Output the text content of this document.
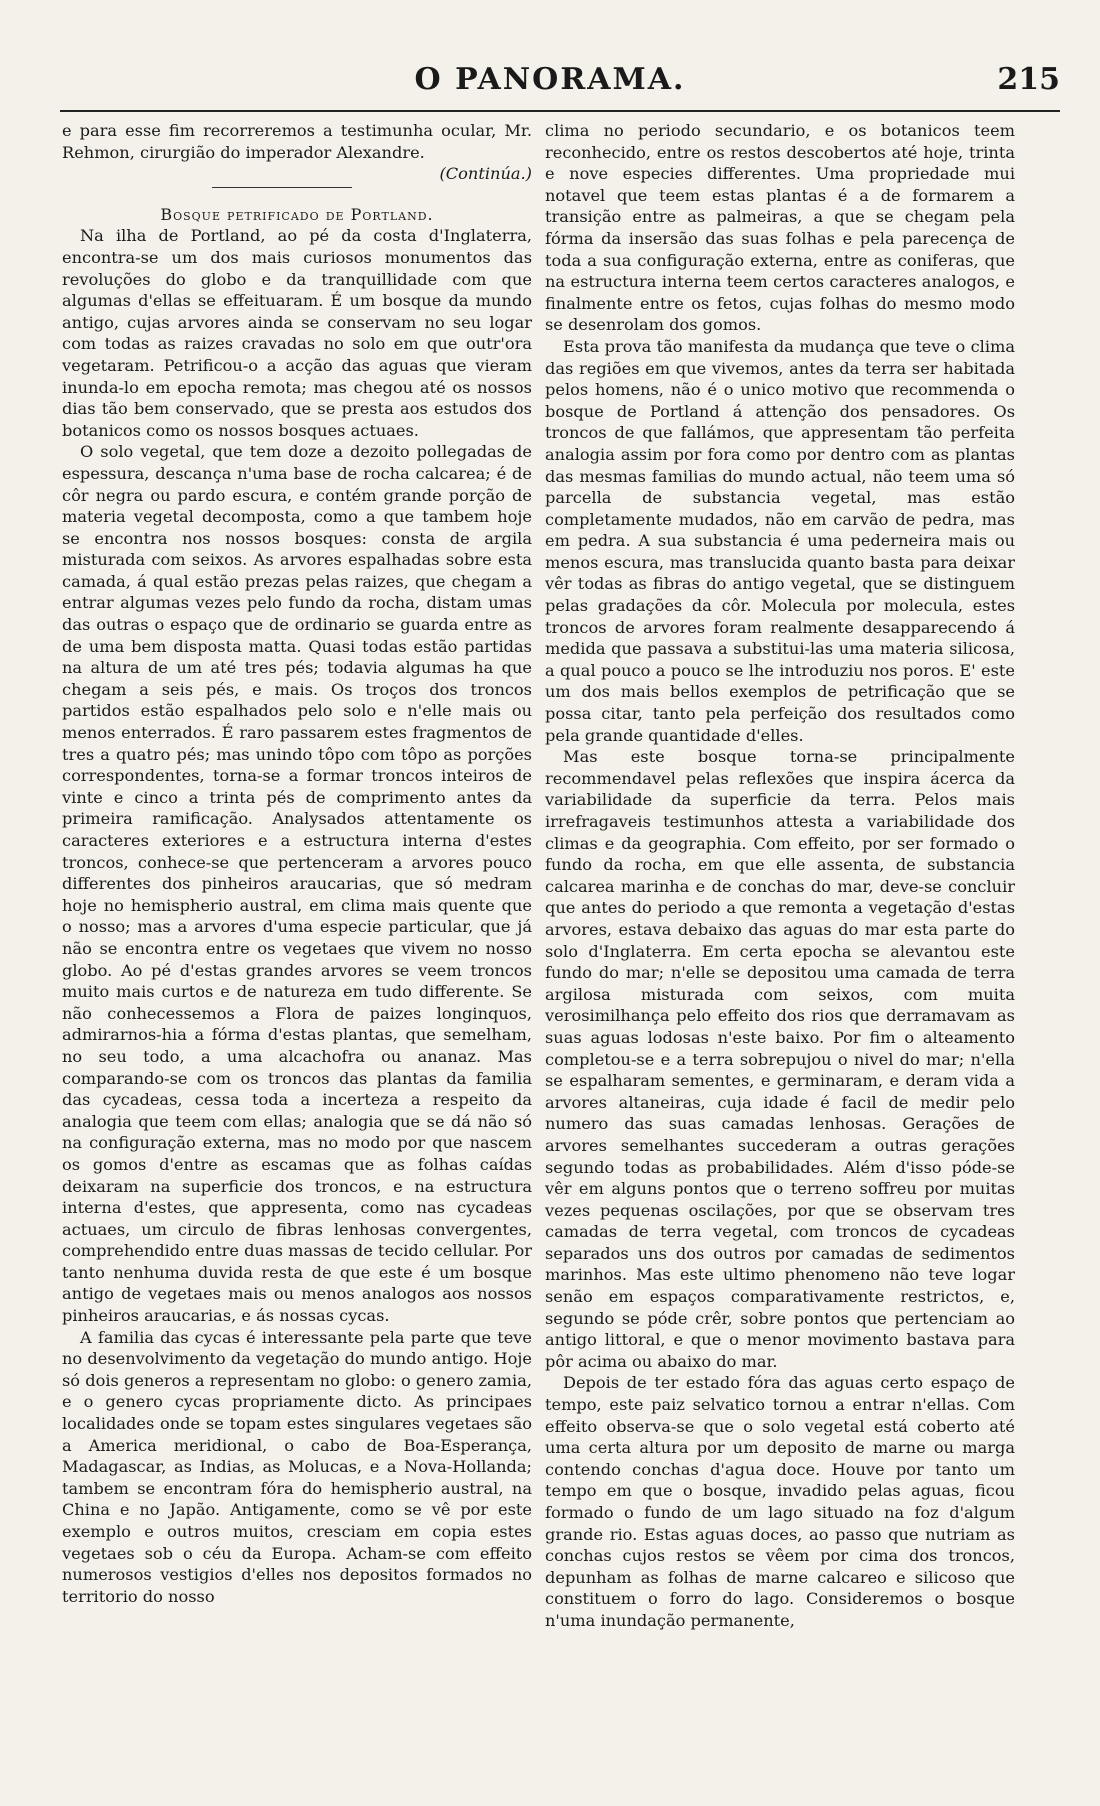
O PANORAMA.	215

e para esse fim recorreremos a testimunha ocular, Mr. Rehmon, cirurgião do imperador Alexandre.

(Continúa.)

Bosque petrificado de Portland.

Na ilha de Portland, ao pé da costa d'Inglaterra, encontra-se um dos mais curiosos monumentos das revoluções do globo e da tranquillidade com que algumas d'ellas se effeituaram. É um bosque da mundo antigo, cujas arvores ainda se conservam no seu logar com todas as raizes cravadas no solo em que outr'ora vegetaram. Petrificou-o a acção das aguas que vieram inunda-lo em epocha remota; mas chegou até os nossos dias tão bem conservado, que se presta aos estudos dos botanicos como os nossos bosques actuaes.

O solo vegetal, que tem doze a dezoito pollegadas de espessura, descança n'uma base de rocha calcarea; é de côr negra ou pardo escura, e contém grande porção de materia vegetal decomposta, como a que tambem hoje se encontra nos nossos bosques: consta de argila misturada com seixos. As arvores espalhadas sobre esta camada, á qual estão prezas pelas raizes, que chegam a entrar algumas vezes pelo fundo da rocha, distam umas das outras o espaço que de ordinario se guarda entre as de uma bem disposta matta. Quasi todas estão partidas na altura de um até tres pés; todavia algumas ha que chegam a seis pés, e mais. Os troços dos troncos partidos estão espalhados pelo solo e n'elle mais ou menos enterrados. É raro passarem estes fragmentos de tres a quatro pés; mas unindo tôpo com tôpo as porções correspondentes, torna-se a formar troncos inteiros de vinte e cinco a trinta pés de comprimento antes da primeira ramificação. Analysados attentamente os caracteres exteriores e a estructura interna d'estes troncos, conhece-se que pertenceram a arvores pouco differentes dos pinheiros araucarias, que só medram hoje no hemispherio austral, em clima mais quente que o nosso; mas a arvores d'uma especie particular, que já não se encontra entre os vegetaes que vivem no nosso globo. Ao pé d'estas grandes arvores se veem troncos muito mais curtos e de natureza em tudo differente. Se não conhecessemos a Flora de paizes longinquos, admirarnos-hia a fórma d'estas plantas, que semelham, no seu todo, a uma alcachofra ou ananaz. Mas comparando-se com os troncos das plantas da familia das cycadeas, cessa toda a incerteza a respeito da analogia que teem com ellas; analogia que se dá não só na configuração externa, mas no modo por que nascem os gomos d'entre as escamas que as folhas caídas deixaram na superficie dos troncos, e na estructura interna d'estes, que appresenta, como nas cycadeas actuaes, um circulo de fibras lenhosas convergentes, comprehendido entre duas massas de tecido cellular. Por tanto nenhuma duvida resta de que este é um bosque antigo de vegetaes mais ou menos analogos aos nossos pinheiros araucarias, e ás nossas cycas.

A familia das cycas é interessante pela parte que teve no desenvolvimento da vegetação do mundo antigo. Hoje só dois generos a representam no globo: o genero zamia, e o genero cycas propriamente dicto. As principaes localidades onde se topam estes singulares vegetaes são a America meridional, o cabo de Boa-Esperança, Madagascar, as Indias, as Molucas, e a Nova-Hollanda; tambem se encontram fóra do hemispherio austral, na China e no Japão. Antigamente, como se vê por este exemplo e outros muitos, cresciam em copia estes vegetaes sob o céu da Europa. Acham-se com effeito numerosos vestigios d'elles nos depositos formados no territorio do nosso

clima no periodo secundario, e os botanicos teem reconhecido, entre os restos descobertos até hoje, trinta e nove especies differentes. Uma propriedade mui notavel que teem estas plantas é a de formarem a transição entre as palmeiras, a que se chegam pela fórma da insersão das suas folhas e pela parecença de toda a sua configuração externa, entre as coniferas, que na estructura interna teem certos caracteres analogos, e finalmente entre os fetos, cujas folhas do mesmo modo se desenrolam dos gomos.

Esta prova tão manifesta da mudança que teve o clima das regiões em que vivemos, antes da terra ser habitada pelos homens, não é o unico motivo que recommenda o bosque de Portland á attenção dos pensadores. Os troncos de que fallámos, que appresentam tão perfeita analogia assim por fora como por dentro com as plantas das mesmas familias do mundo actual, não teem uma só parcella de substancia vegetal, mas estão completamente mudados, não em carvão de pedra, mas em pedra. A sua substancia é uma pederneira mais ou menos escura, mas translucida quanto basta para deixar vêr todas as fibras do antigo vegetal, que se distinguem pelas gradações da côr. Molecula por molecula, estes troncos de arvores foram realmente desapparecendo á medida que passava a substitui-las uma materia silicosa, a qual pouco a pouco se lhe introduziu nos poros. E' este um dos mais bellos exemplos de petrificação que se possa citar, tanto pela perfeição dos resultados como pela grande quantidade d'elles.

Mas este bosque torna-se principalmente recommendavel pelas reflexões que inspira ácerca da variabilidade da superficie da terra. Pelos mais irrefragaveis testimunhos attesta a variabilidade dos climas e da geographia. Com effeito, por ser formado o fundo da rocha, em que elle assenta, de substancia calcarea marinha e de conchas do mar, deve-se concluir que antes do periodo a que remonta a vegetação d'estas arvores, estava debaixo das aguas do mar esta parte do solo d'Inglaterra. Em certa epocha se alevantou este fundo do mar; n'elle se depositou uma camada de terra argilosa misturada com seixos, com muita verosimilhança pelo effeito dos rios que derramavam as suas aguas lodosas n'este baixo. Por fim o alteamento completou-se e a terra sobrepujou o nivel do mar; n'ella se espalharam sementes, e germinaram, e deram vida a arvores altaneiras, cuja idade é facil de medir pelo numero das suas camadas lenhosas. Gerações de arvores semelhantes succederam a outras gerações segundo todas as probabilidades. Além d'isso póde-se vêr em alguns pontos que o terreno soffreu por muitas vezes pequenas oscilações, por que se observam tres camadas de terra vegetal, com troncos de cycadeas separados uns dos outros por camadas de sedimentos marinhos. Mas este ultimo phenomeno não teve logar senão em espaços comparativamente restrictos, e, segundo se póde crêr, sobre pontos que pertenciam ao antigo littoral, e que o menor movimento bastava para pôr acima ou abaixo do mar.

Depois de ter estado fóra das aguas certo espaço de tempo, este paiz selvatico tornou a entrar n'ellas. Com effeito observa-se que o solo vegetal está coberto até uma certa altura por um deposito de marne ou marga contendo conchas d'agua doce. Houve por tanto um tempo em que o bosque, invadido pelas aguas, ficou formado o fundo de um lago situado na foz d'algum grande rio. Estas aguas doces, ao passo que nutriam as conchas cujos restos se vêem por cima dos troncos, depunham as folhas de marne calcareo e silicoso que constituem o forro do lago. Consideremos o bosque n'uma inundação permanente,
